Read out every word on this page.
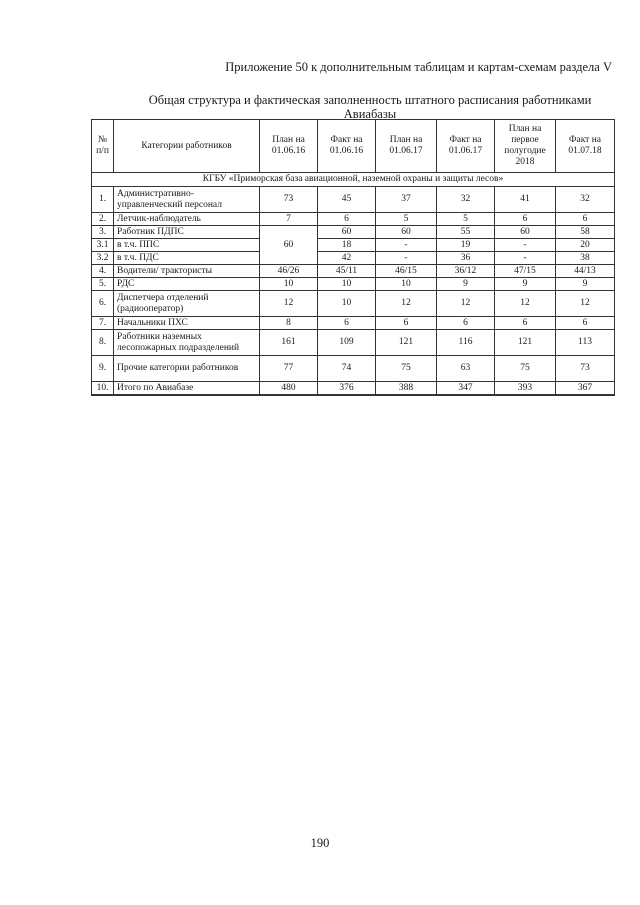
Приложение 50 к дополнительным таблицам и картам-схемам раздела V
Общая структура и фактическая заполненность штатного расписания работниками
Авиабазы
№ п/п	Категории работников	План на 01.06.16	Факт на 01.06.16	План на 01.06.17	Факт на 01.06.17	План на первое полугодие 2018	Факт на 01.07.18
КГБУ «Приморская база авиационной, наземной охраны и защиты лесов»							
1.	Административно-управленческий персонал	73	45	37	32	41	32
2.	Летчик-наблюдатель	7	6	5	5	6	6
3.	Работник ПДПС	60	60	60	55	60	58
3.1	в т.ч. ППС		18	-	19	-	20
3.2	в т.ч. ПДС		42	-	36	-	38
4.	Водители/ трактористы	46/26	45/11	46/15	36/12	47/15	44/13
5.	РДС	10	10	10	9	9	9
6.	Диспетчера отделений (радиооператор)	12	10	12	12	12	12
7.	Начальники ПХС	8	6	6	6	6	6
8.	Работники наземных лесопожарных подразделений	161	109	121	116	121	113
9.	Прочие категории работников	77	74	75	63	75	73
10.	Итого по Авиабазе	480	376	388	347	393	367
190
